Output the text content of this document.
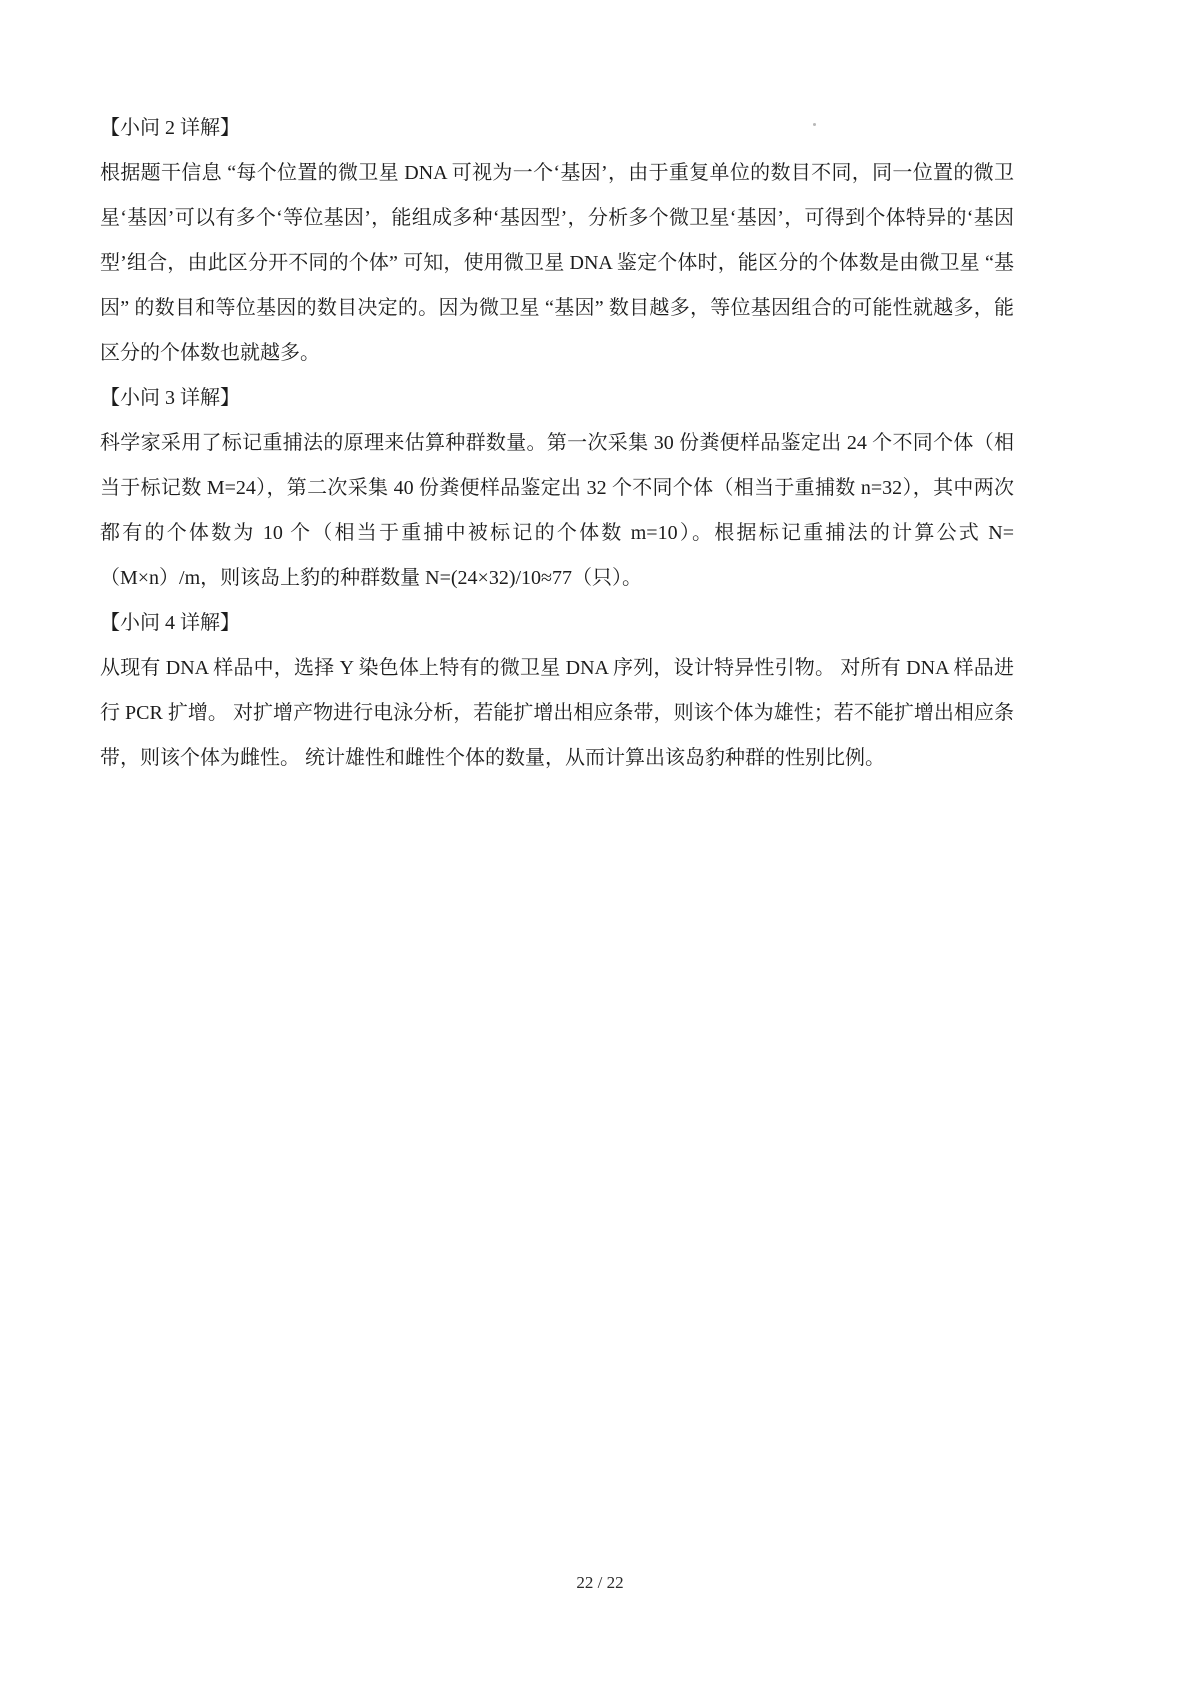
【小问 2 详解】
根据题干信息 “每个位置的微卫星 DNA 可视为一个‘基因’，由于重复单位的数目不同，同一位置的微卫星‘基因’可以有多个‘等位基因’，能组成多种‘基因型’，分析多个微卫星‘基因’，可得到个体特异的‘基因型’组合，由此区分开不同的个体” 可知，使用微卫星 DNA 鉴定个体时，能区分的个体数是由微卫星 “基因” 的数目和等位基因的数目决定的。因为微卫星 “基因” 数目越多，等位基因组合的可能性就越多，能区分的个体数也就越多。
【小问 3 详解】
科学家采用了标记重捕法的原理来估算种群数量。第一次采集 30 份粪便样品鉴定出 24 个不同个体（相当于标记数 M=24），第二次采集 40 份粪便样品鉴定出 32 个不同个体（相当于重捕数 n=32），其中两次都有的个体数为 10 个（相当于重捕中被标记的个体数 m=10）。根据标记重捕法的计算公式 N=（M×n）/m，则该岛上豹的种群数量 N=(24×32)/10≈77（只）。
【小问 4 详解】
从现有 DNA 样品中，选择 Y 染色体上特有的微卫星 DNA 序列，设计特异性引物。 对所有 DNA 样品进行 PCR 扩增。 对扩增产物进行电泳分析，若能扩增出相应条带，则该个体为雄性；若不能扩增出相应条带，则该个体为雌性。 统计雄性和雌性个体的数量，从而计算出该岛豹种群的性别比例。
22 / 22
